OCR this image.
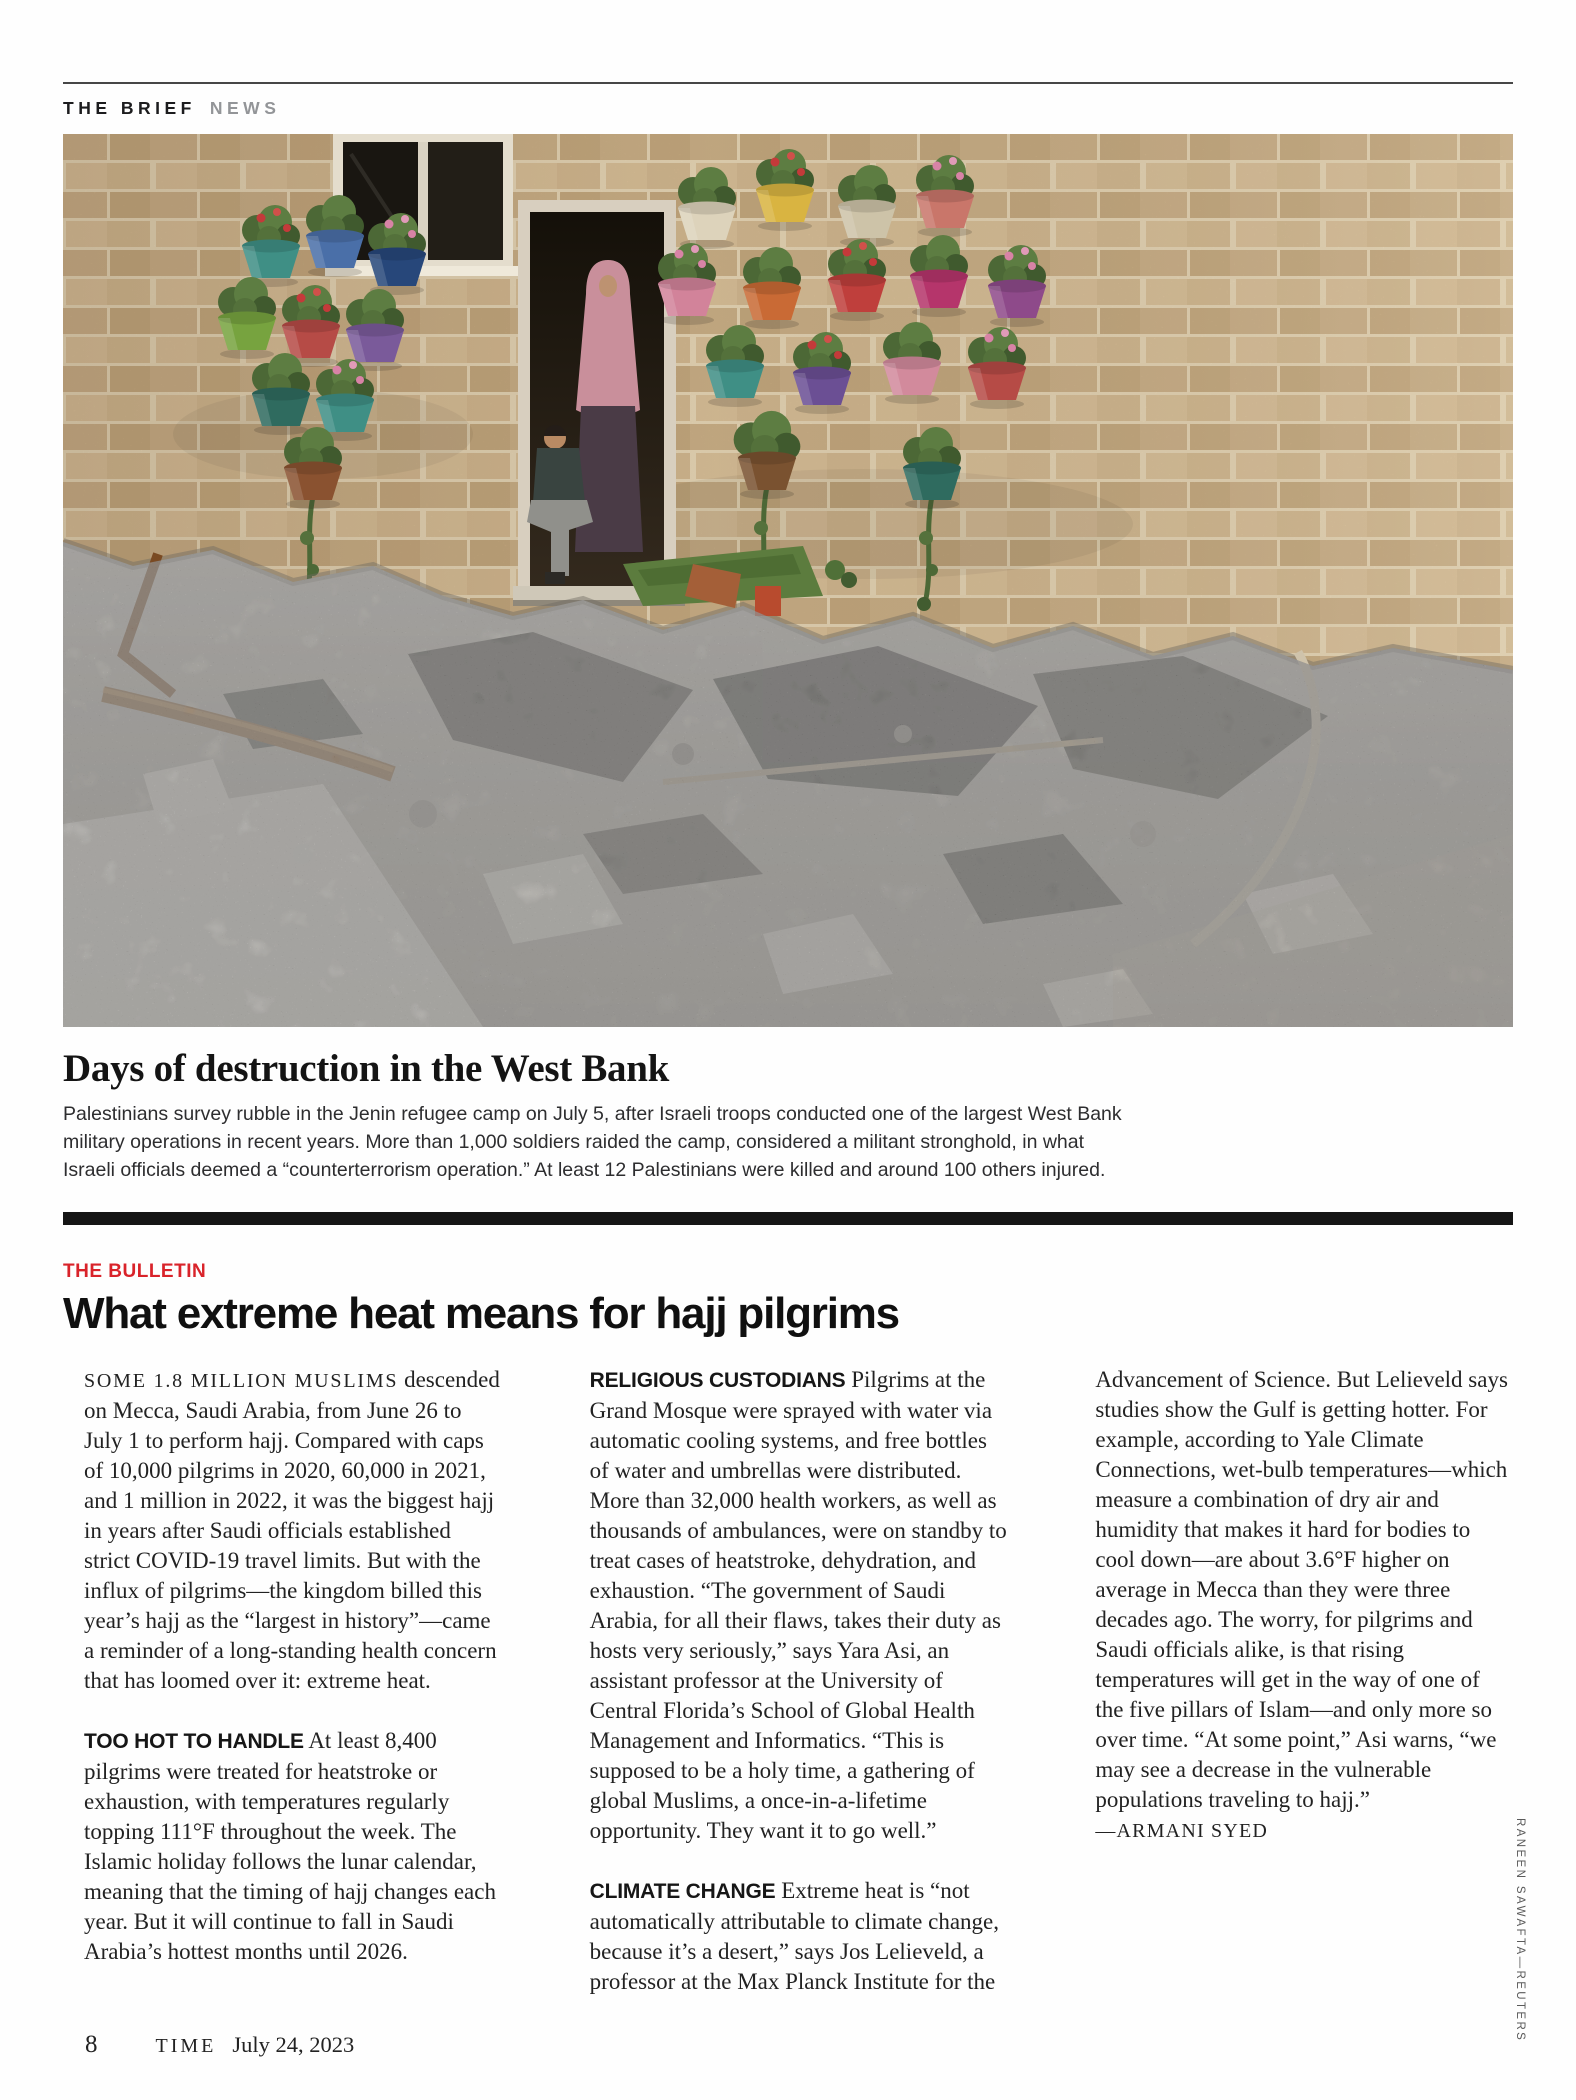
THE BRIEF NEWS
Days of destruction in the West Bank

Palestinians survey rubble in the Jenin refugee camp on July 5, after Israeli troops conducted one of the largest West Bank military operations in recent years. More than 1,000 soldiers raided the camp, considered a militant stronghold, in what Israeli officials deemed a “counterterrorism operation.” At least 12 Palestinians were killed and around 100 others injured.

THE BULLETIN
What extreme heat means for hajj pilgrims

SOME 1.8 MILLION MUSLIMS descended on Mecca, Saudi Arabia, from June 26 to July 1 to perform hajj. Compared with caps of 10,000 pilgrims in 2020, 60,000 in 2021, and 1 million in 2022, it was the biggest hajj in years after Saudi officials established strict COVID-19 travel limits. But with the influx of pilgrims—the kingdom billed this year’s hajj as the “largest in history”—came a reminder of a long-standing health concern that has loomed over it: extreme heat.

TOO HOT TO HANDLE At least 8,400 pilgrims were treated for heatstroke or exhaustion, with temperatures regularly topping 111°F throughout the week. The Islamic holiday follows the lunar calendar, meaning that the timing of hajj changes each year. But it will continue to fall in Saudi Arabia’s hottest months until 2026.

RELIGIOUS CUSTODIANS Pilgrims at the Grand Mosque were sprayed with water via automatic cooling systems, and free bottles of water and umbrellas were distributed. More than 32,000 health workers, as well as thousands of ambulances, were on standby to treat cases of heatstroke, dehydration, and exhaustion. “The government of Saudi Arabia, for all their flaws, takes their duty as hosts very seriously,” says Yara Asi, an assistant professor at the University of Central Florida’s School of Global Health Management and Informatics. “This is supposed to be a holy time, a gathering of global Muslims, a once-in-a-lifetime opportunity. They want it to go well.”

CLIMATE CHANGE Extreme heat is “not automatically attributable to climate change, because it’s a desert,” says Jos Lelieveld, a professor at the Max Planck Institute for the Advancement of Science. But Lelieveld says studies show the Gulf is getting hotter. For example, according to Yale Climate Connections, wet-bulb temperatures—which measure a combination of dry air and humidity that makes it hard for bodies to cool down—are about 3.6°F higher on average in Mecca than they were three decades ago. The worry, for pilgrims and Saudi officials alike, is that rising temperatures will get in the way of one of the five pillars of Islam—and only more so over time. “At some point,” Asi warns, “we may see a decrease in the vulnerable populations traveling to hajj.” —ARMANI SYED

8	TIME July 24, 2023
RANEEN SAWAFTA—REUTERS
